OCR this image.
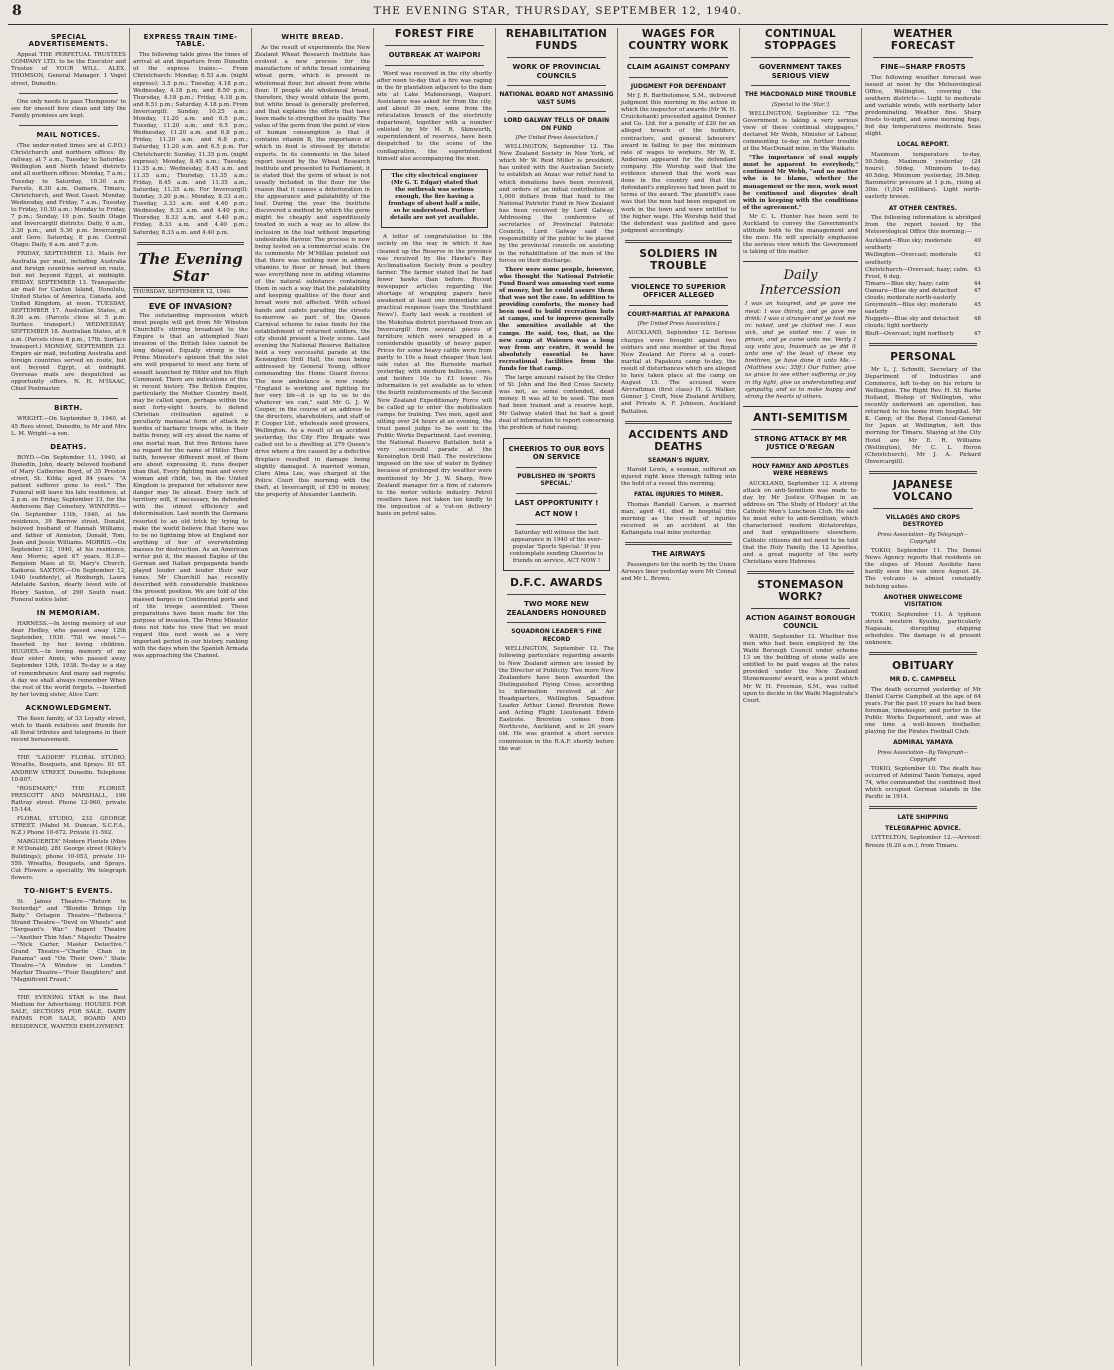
8	THE EVENING STAR, THURSDAY, SEPTEMBER 12, 1940.
SPECIAL ADVERTISEMENTS.

Appeal THE PERPETUAL TRUSTEES COMPANY LTD. to be the Executor and Trustee of YOUR WILL. ALEX. THOMSON, General Manager. 1 Vogel street, Dunedin.

One only needs to pass Thompsons' to see for oneself how clean and tidy the Family premises are kept.

MAIL NOTICES.

(The under-noted times are at C.P.O.) Christchurch and northern offices: By railway, at 7 a.m., Tuesday to Saturday. Wellington and North Island districts and all northern offices: Monday, 7 a.m.; Tuesday to Saturday, 10.30 a.m. Parcels, 8.30 a.m. Oamaru, Timaru, Christchurch, and West Coast: Monday, Wednesday, and Friday, 7 a.m.; Tuesday to Friday, 10.30 a.m.; Monday to Friday, 7 p.m.; Sunday, 10 p.m. South Otago and Invercargill districts: Daily, 6 a.m., 3.30 p.m., and 5.30 p.m. Invercargill and Gore: Saturday, 8 p.m. Central Otago: Daily, 6 a.m. and 7 p.m.

FRIDAY, SEPTEMBER 13. Mails for Australia per mail, including Australia and foreign countries served en route, but not beyond Egypt, at midnight. FRIDAY, SEPTEMBER 13. Transpacific air mail for Canton Island, Honolulu, United States of America, Canada, and United Kingdom, at noon. TUESDAY, SEPTEMBER 17. Australian States, at 8.30 a.m. (Parcels close at 5 p.m. Surface transport.) WEDNESDAY, SEPTEMBER 18. Australian States, at 6 a.m. (Parcels close 6 p.m., 17th. Surface transport.) MONDAY, SEPTEMBER 23. Empire air mail, including Australia and foreign countries served en route, but not beyond Egypt, at midnight. Overseas mails are despatched as opportunity offers. N. H. M'ISAAC, Chief Postmaster.

BIRTH.

WRIGHT.—On September 9, 1940, at 45 Rees street, Dunedin, to Mr and Mrs L. M. Wright—a son.

DEATHS.

BOYD.—On September 11, 1940, at Dunedin, John, dearly beloved husband of Mary Catherine Boyd, of 35 Preston street, St. Kilda; aged 84 years. "A patient sufferer gone to rest." The Funeral will leave his late residence, at 2 p.m. on Friday, September 13, for the Andersons Bay Cemetery. WINNERS.—On September 11th, 1940, at his residence, 39 Barrow street, Donald, beloved husband of Hannah Williams, and father of Anniston, Donald, Tom, Jean and Jessie Williams. MORRIS.—On September 12, 1940, at his residence, Ann Morris; aged 67 years. R.I.P.—Requiem Mass at St. Mary's Church, Kaikorai. SAXTON.—On September 12, 1940 (suddenly), at Roxburgh, Laura Adelaide Saxton, dearly loved wife of Henry Saxton, of 290 South road. Funeral notice later.

IN MEMORIAM.

HARNESS.—In loving memory of our dear Hedley, who passed away 12th September, 1936. "Till we meet."—Inserted by her loving children. HUGHES.—In loving memory of my dear sister Annie, who passed away September 12th, 1938. To-day is a day of remembrance And many sad regrets; A day we shall always remember When the rest of the world forgets. —Inserted by her loving sister, Alice Carr.

ACKNOWLEDGMENT.

The Keen family, of 33 Loyalty street, wish to thank relatives and friends for all floral tributes and telegrams in their recent bereavement.

THE "LADDER" FLORAL STUDIO, Wreaths, Bouquets, and Sprays. 81 ST. ANDREW STREET, Dunedin. Telephone 10-807.

"ROSEMARY," THE FLORIST. PRESCOTT AND MARSHALL, 196 Rattray street. Phone 12-960, private 15-144.

FLORAL STUDIO, 232 GEORGE STREET. (Mabel M. Duncan, S.C.F.A., N.Z.) Phone 10-672. Private 11-592.

MARGUERITA" Modern Florists (Miss P. M'Donald), 281 George street (Kiley's Buildings); phone 10-053, private 10-559. Wreaths, Bouquets, and Sprays. Cut Flowers a speciality. We telegraph flowers.

TO-NIGHT'S EVENTS.

St. James Theatre—"Return to Yesterday" and "Blondie Brings Up Baby." Octagon Theatre—"Rebecca." Strand Theatre—"Devil on Wheels" and "Sergeant's War." Regent Theatre—"Another Thin Man." Majestic Theatre—"Nick Carter, Master Detective." Grand Theatre—"Charlie Chan in Panama" and "On Their Own." State Theatre—"A Window in London." Mayfair Theatre—"Four Daughters" and "Magnificent Fraud."

THE EVENING STAR is the Best Medium for Advertising: HOUSES FOR SALE, SECTIONS FOR SALE, DAIRY FARMS FOR SALE, BOARD AND RESIDENCE, WANTED EMPLOYMENT.

EXPRESS TRAIN TIME-TABLE.

The following table gives the times of arrival at and departure from Dunedin of the express trains:— From Christchurch: Monday, 6.53 a.m. (night express); 3.5 p.m.; Tuesday, 4.18 p.m.; Wednesday, 4.18 p.m. and 8.50 p.m.; Thursday, 4.18 p.m.; Friday, 4.18 p.m. and 8.51 p.m.; Saturday, 4.18 p.m. From Invercargill: Sunday, 10.25 a.m.; Monday, 11.20 a.m. and 6.5 p.m.; Tuesday, 11.20 a.m. and 6.5 p.m.; Wednesday, 11.20 a.m. and 6.8 p.m.; Friday, 11.20 a.m. and 6.8 p.m.; Saturday, 11.20 a.m. and 6.5 p.m. For Christchurch: Sunday, 11.35 p.m. (night express); Monday, 8.45 a.m.; Tuesday, 11.35 a.m.; Wednesday, 8.45 a.m. and 11.35 a.m.; Thursday, 11.35 a.m.; Friday, 8.45 a.m. and 11.35 a.m.; Saturday, 11.35 a.m. For Invercargill: Sunday, 3.20 p.m.; Monday, 8.33 a.m.; Tuesday, 3.33 a.m. and 4.40 p.m.; Wednesday, 8.33 a.m. and 4.40 p.m.; Thursday, 8.33 a.m. and 4.40 p.m.; Friday, 8.33 a.m. and 4.40 p.m.; Saturday, 8.33 a.m. and 4.40 p.m.

The Evening Star
THURSDAY, SEPTEMBER 12, 1940.
EVE OF INVASION?

The outstanding impression which most people will get from Mr Winston Churchill's stirring broadcast to the Empire is that an attempted Nazi invasion of the British Isles cannot be long delayed. Equally strong is the Prime Minister's opinion that the islet are well prepared to meet any form of assault launched by Hitler and his High Command. There are indications of this in recent history. The British Empire, particularly the Mother Country itself, may be called upon, perhaps within the next forty-eight hours, to defend Christian civilisation against a peculiarly maniacal form of attack by hordes of barbaric troops who, in their battle frenzy, will cry aloud the name of one mortal man. But free Britons have no regard for the name of Hitler. Their faith, however different most of them are about expressing it, runs deeper than that. Every fighting man and every woman and child, too, in the United Kingdom is prepared for whatever new danger may lie ahead. Every inch of territory will, if necessary, be defended with the utmost efficiency and determination. Last month the Germans resorted to an old trick by trying to make the world believe that there was to be no lightning blow at England nor anything of her of overwhelming masses for destruction. As an American writer put it, the massed Eagles of the German and Italian propaganda bands played louder and louder their war tunes. Mr Churchill has recently described with considerable frankness the present position. We are told of the massed barges in Continental ports and of the troops assembled. These preparations have been made for the purpose of invasion. The Prime Minister does not hide his view that we must regard this next week as a very important period in our history, ranking with the days when the Spanish Armada was approaching the Channel.

WHITE BREAD.

As the result of experiments the New Zealand Wheat Research Institute has evolved a new process for the manufacture of white bread containing wheat germ, which is present in wholemeal flour, but absent from white flour. If people ate wholemeal bread, therefore, they would obtain the germ, but white bread is generally preferred, and that explains the efforts that have been made to strengthen its quality. The value of the germ from the point of view of human consumption is that it contains vitamin B, the importance of which in food is stressed by dietetic experts. In its comments in the latest report issued by the Wheat Research Institute and presented to Parliament, it is stated that the germ of wheat is not usually included in the flour for the reason that it causes a deterioration in the appearance and palatability of the loaf. During the year the Institute discovered a method by which the germ might be cheaply and expeditiously treated in such a way as to allow its inclusion in the loaf without imparting undesirable flavour. The process is now being tested on a commercial scale. On its comments Mr M'Millan pointed out that there was nothing new in adding vitamins to flour or bread, but there was everything new in adding vitamins of the natural substance containing them in such a way that the palatability and keeping qualities of the flour and bread were not affected. With school bands and cadets parading the streets to-morrow as part of the Queen Carnival scheme to raise funds for the establishment of returned soldiers, the city should present a lively scene. Last evening the National Reserve Battalion held a very successful parade at the Kensington Drill Hall, the men being addressed by General Young, officer commanding the Home Guard forces. The new ambulance is now ready. "England is working and fighting for her very life—it is up to us to do whatever we can," said Mr G. J. W. Cooper, in the course of an address to the directors, shareholders, and staff of F. Cooper Ltd., wholesale seed growers, Wellington. As a result of an accident yesterday, the City Fire Brigade was called out to a dwelling at 279 Queen's drive where a fire caused by a defective fireplace resulted in damage being slightly damaged. A married woman, Clare Alma Lee, was charged at the Police Court this morning with the theft, at Invercargill, of £50 in money, the property of Alexander Lambeth.

FOREST FIRE
OUTBREAK AT WAIPORI

Word was received in the city shortly after noon to-day that a fire was raging in the fir plantation adjacent to the dam site at Lake Mahinerangi, Waipori. Assistance was asked for from the city, and about 30 men, some from the reticulation branch of the electricity department, together with a number enlisted by Mr M. R. Skinworth, superintendent of reserves, have been despatched to the scene of the conflagration, the superintendent himself also accompanying the men.

The city electrical engineer (Mr G. T. Edgar) stated that the outbreak was serious enough, the fire having a frontage of about half a mile, so he understood. Further details are not yet available.

A letter of congratulation to the society on the way in which it has cleaned up the Reserve in the province was received by the Hawke's Bay Acclimatisation Society from a poultry farmer. The farmer stated that he had fewer hawks than before. Recent newspaper articles regarding the shortage of wrapping papers have awakened at least one immediate and practical response (says the 'Southland News'). Early last week a resident of the Mokotua district purchased from an Invercargill firm several pieces of furniture which were wrapped in a considerable quantity of heavy paper. Prices for some heavy cattle were from parity to 10s a head cheaper than last sale rates at the Burnside market yesterday, with medium bullocks, cows, and heifers 10s to £1 lower. No information is yet available as to when the fourth reinforcements of the Second New Zealand Expeditionary Force will be called up to enter the mobilisation camps for training. Two men, aged and sitting over 24 hours at an evening, the trust panel judge to be sent to the Public Works Department. Last evening, the National Reserve Battalion held a very successful parade at the Kensington Drill Hall. The restrictions imposed on the use of water in Sydney because of prolonged dry weather were mentioned by Mr J. W. Sharp, New Zealand manager for a firm of caterers to the motor vehicle industry. Petrol resellers have not taken too kindly to the imposition of a 'cut-on delivery' basis on petrol sales.

REHABILITATION FUNDS
WORK OF PROVINCIAL COUNCILS
NATIONAL BOARD NOT AMASSING VAST SUMS
LORD GALWAY TELLS OF DRAIN ON FUND
[Per United Press Association.]

WELLINGTON, September 12. The New Zealand Society in New York, of which Mr W. Reid Miller is president, has united with the Australian Society to establish an Anzac war relief fund to which donations have been received, and orders of an initial contribution of 1,000 dollars from that fund to the National Patriotic Fund in New Zealand has been received by Lord Galway. Addressing the conference of secretaries of Provincial Patriotic Councils, Lord Galway said the responsibility of the public to be placed by the provincial councils on assisting in the rehabilitation of the men of the forces on their discharge.

There were some people, however, who thought the National Patriotic Fund Board was amassing vast sums of money, but he could assure them that was not the case. In addition to providing comforts, the money had been used to build recreation huts at camps, and to improve generally the amenities available at the camps. He said, too, that, as the new camp at Waiouru was a long way from any centre, it would be absolutely essential to have recreational facilities from the funds for that camp.

The large amount raised by the Order of St. John and the Red Cross Society was not, as some contended, dead money. It was all to be used. The men had been trained and a reserve kept. Mr Galway stated that he had a good deal of information to report concerning the problem of fund raising.

CHEERIOS TO OUR BOYS ON SERVICE
PUBLISHED IN 'SPORTS SPECIAL.'
LAST OPPORTUNITY !
ACT NOW !

Saturday will witness the last appearance in 1940 of the ever-popular 'Sports Special.' If you contemplate sending Cheerios to friends on service, ACT NOW !

D.F.C. AWARDS
TWO MORE NEW ZEALANDERS HONOURED
SQUADRON LEADER'S FINE RECORD

WELLINGTON, September 12. The following particulars regarding awards to New Zealand airmen are issued by the Director of Publicity. Two more New Zealanders have been awarded the Distinguished Flying Cross, according to information received at Air Headquarters, Wellington. Squadron Leader Arthur Lionel Brereton Rowe and Acting Flight Lieutenant Edwin Eastcote. Brereton comes from Northcote, Auckland, and is 26 years old. He was granted a short service commission in the R.A.F. shortly before the war.

WAGES FOR COUNTRY WORK
CLAIM AGAINST COMPANY
JUDGMENT FOR DEFENDANT

Mr J. R. Bartholomew, S.M., delivered judgment this morning in the action in which the inspector of awards (Mr W. H. Cruickshank) proceeded against Donner and Co. Ltd. for a penalty of £20 for an alleged breach of the builders, contractors, and general labourers' award in failing to pay the minimum rate of wages to workers. Mr W. E. Anderson appeared for the defendant company. His Worship said that the evidence showed that the work was done in the country and that the defendant's employees had been paid in terms of the award. The plaintiff's case was that the men had been engaged on work in the town and were entitled to the higher wage. His Worship held that the defendant was justified and gave judgment accordingly.

SOLDIERS IN TROUBLE
VIOLENCE TO SUPERIOR OFFICER ALLEGED
COURT-MARTIAL AT PAPAKURA
[Per United Press Association.]

AUCKLAND, September 12. Serious charges were brought against two soldiers and one member of the Royal New Zealand Air Force at a court-martial at Papakura camp to-day, the result of disturbances which are alleged to have taken place at the camp on August 15. The accused were Aircraftman (first class) H. G. Walker, Gunner J. Croft, New Zealand Artillery, and Private A. F. Johnson, Auckland Battalion.

ACCIDENTS AND DEATHS
SEAMAN'S INJURY.

Harold Lewis, a seaman, suffered an injured right knee through falling into the hold of a vessel this morning.

FATAL INJURIES TO MINER.

Thomas Randall Carson, a married man, aged 41, died in hospital this morning as the result of injuries received in an accident at the Kaitangata coal mine yesterday.

THE AIRWAYS

Passengers for the north by the Union Airways liner yesterday were Mr Connal and Mr L. Brown.

CONTINUAL STOPPAGES
GOVERNMENT TAKES SERIOUS VIEW
THE MACDONALD MINE TROUBLE
[Special to the 'Star.']

WELLINGTON, September 12. "The Government is taking a very serious view of these continual stoppages," declared Mr Webb, Minister of Labour, commenting to-day on further trouble at the MacDonald mine, in the Waikato.

"The importance of coal supply must be apparent to everybody," continued Mr Webb, "and no matter who is to blame, whether the management or the men, work must be continued and disputes dealt with in keeping with the conditions of the agreement."

Mr C. L. Hunter has been sent to Auckland to convey the Government's attitude both to the management and the men. He will specially emphasise the serious view which the Government is taking of this matter.

Daily Intercession

I was an hungred, and ye gave me meat: I was thirsty, and ye gave me drink: I was a stranger and ye took me in: naked, and ye clothed me: I was sick, and ye visited me: I was in prison, and ye came unto me. Verily I say unto you, Inasmuch as ye did it unto one of the least of these my brethren, ye have done it unto Me.—(Matthew xxv.: 35ff.) Our Father, give us grace to see either suffering or joy in thy light, give us understanding and sympathy, and so to make happy and strong the hearts of others.

ANTI-SEMITISM
STRONG ATTACK BY MR JUSTICE O'REGAN
HOLY FAMILY AND APOSTLES WERE HEBREWS

AUCKLAND, September 12. A strong attack on anti-Semitism was made to-day by Mr Justice O'Regan in an address on 'The Study of History' at the Catholic Men's Luncheon Club. He said he must refer to anti-Semitism, which characterised modern dictatorships, and had sympathisers elsewhere. Catholic citizens did not need to be told that the Holy Family, the 12 Apostles, and a great majority of the early Christians were Hebrews.

STONEMASON WORK?
ACTION AGAINST BOROUGH COUNCIL

WAIHI, September 12. Whether five men who had been employed by the Waihi Borough Council under scheme 13 on the building of stone walls are entitled to be paid wages at the rates provided under the New Zealand Stonemasons' award, was a point which Mr W. H. Freeman, S.M., was called upon to decide in the Waihi Magistrate's Court.

WEATHER FORECAST
FINE—SHARP FROSTS

The following weather forecast was issued at noon by the Meteorological Office, Wellington, covering the southern districts:— Light to moderate and variable winds, with northerly later predominating. Weather fine. Sharp frosts to-night, and some morning fogs, but day temperatures moderate. Seas slight.

LOCAL REPORT.

Maximum temperature to-day, 50.5deg. Maximum yesterday (24 hours), 50deg. Minimum to-day, 40.5deg. Minimum yesterday, 39.5deg. Barometric pressure at 1 p.m., rising at 30in. (1,024 millibars). Light north-easterly breeze.

AT OTHER CENTRES.

The following information is abridged from the report issued by the Meteorological Office this morning:—

Auckland—Blue sky; moderate southerly
49
Wellington—Overcast; moderate southerly
43
Christchurch—Overcast; hazy; calm. Frost, 6 deg.
43
Timaru—Blue sky; hazy; calm	44
Oamaru—Blue sky and detached clouds; moderate north-easterly
47
Greymouth—Blue sky; moderate easterly
45
Nuggets—Blue sky and detached clouds; light northerly
48
Bluff—Overcast; light northerly	47
PERSONAL

Mr L. J. Schmitt, Secretary of the Department of Industries and Commerce, left to-day on his return to Wellington. The Right Rev. H. St. Barbe Holland, Bishop of Wellington, who recently underwent an operation, has returned to his home from hospital. Mr K. Camp, of the Royal Consul-General for Japan at Wellington, left this morning for Timaru. Staying at the City Hotel are Mr E. R. Williams (Wellington), Mr C. L. Heron (Christchurch), Mr J. A. Pickard (Invercargill).

JAPANESE VOLCANO
VILLAGES AND CROPS DESTROYED
Press Association—By Telegraph—Copyright

TOKIO, September 11. The Domei News Agency reports that residents on the slopes of Mount Asoikito have hardly seen the sun since August 24. The volcano is almost constantly belching ashes.

ANOTHER UNWELCOME VISITATION

TOKIO, September 11. A typhoon struck western Kyushu, particularly Nagasaki, disrupting shipping schedules. The damage is at present unknown.

OBITUARY
MR D. C. CAMPBELL

The death occurred yesterday of Mr Daniel Carrie Campbell at the age of 64 years. For the past 10 years he had been foreman, timekeeper, and porter in the Public Works Department, and was at one time a well-known footballer, playing for the Pirates Football Club.

ADMIRAL YAMAYA
Press Association—By Telegraph—Copyright

TOKIO, September 10. The death has occurred of Admiral Tanin Yamaya, aged 74, who commanded the combined fleet which occupied German islands in the Pacific in 1914.

LATE SHIPPING
TELEGRAPHIC ADVICE.

LYTTELTON, September 12.—Arrived: Breeze (6.20 a.m.), from Timaru.
